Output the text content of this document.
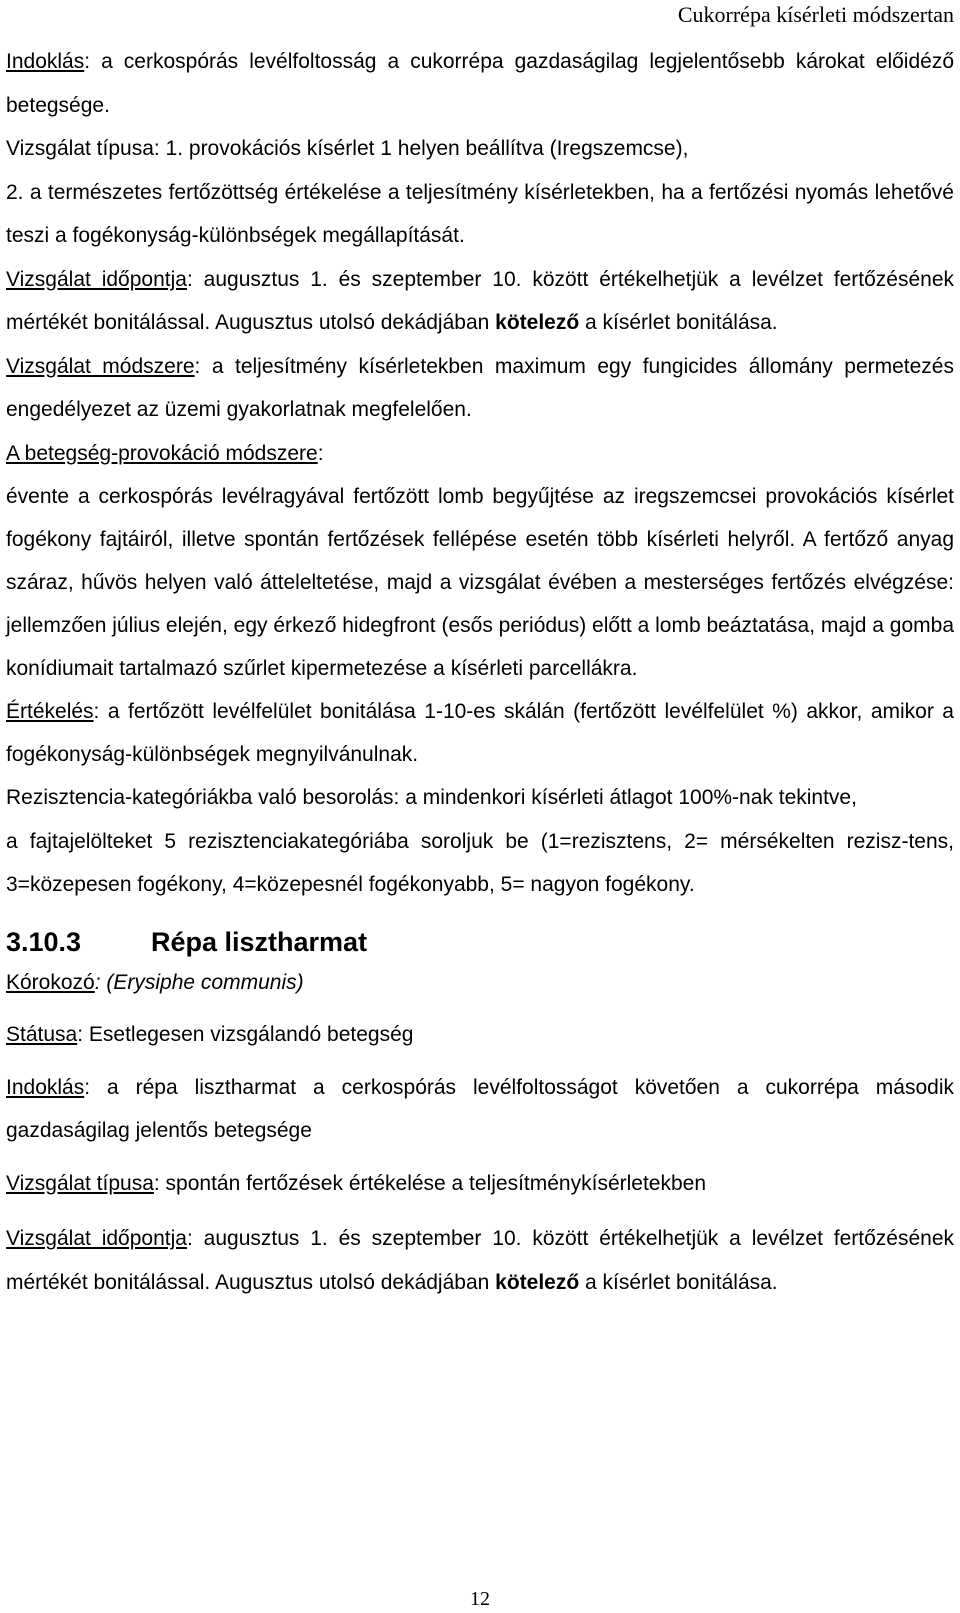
Cukorrépa kísérleti módszertan

Indoklás: a cerkospórás levélfoltosság a cukorrépa gazdaságilag legjelentősebb károkat előidéző betegsége.

Vizsgálat típusa: 1. provokációs kísérlet 1 helyen beállítva (Iregszemcse),

2. a természetes fertőzöttség értékelése a teljesítmény kísérletekben, ha a fertőzési nyomás lehetővé teszi a fogékonyság-különbségek megállapítását.

Vizsgálat időpontja: augusztus 1. és szeptember 10. között értékelhetjük a levélzet fertőzésének mértékét bonitálással. Augusztus utolsó dekádjában kötelező a kísérlet bonitálása.

Vizsgálat módszere: a teljesítmény kísérletekben maximum egy fungicides állomány permetezés engedélyezet az üzemi gyakorlatnak megfelelően.

A betegség-provokáció módszere:

évente a cerkospórás levélragyával fertőzött lomb begyűjtése az iregszemcsei provokációs kísérlet fogékony fajtáiról, illetve spontán fertőzések fellépése esetén több kísérleti helyről. A fertőző anyag száraz, hűvös helyen való átteleltetése, majd a vizsgálat évében a mesterséges fertőzés elvégzése: jellemzően július elején, egy érkező hidegfront (esős periódus) előtt a lomb beáztatása, majd a gomba konídiumait tartalmazó szűrlet kipermetezése a kísérleti parcellákra.

Értékelés: a fertőzött levélfelület bonitálása 1-10-es skálán (fertőzött levélfelület %) akkor, amikor a fogékonyság-különbségek megnyilvánulnak.

Rezisztencia-kategóriákba való besorolás: a mindenkori kísérleti átlagot 100%-nak tekintve,

a fajtajelölteket 5 rezisztenciakategóriába soroljuk be (1=rezisztens, 2= mérsékelten rezisz-tens, 3=közepesen fogékony, 4=közepesnél fogékonyabb, 5= nagyon fogékony.

3.10.3	Répa lisztharmat

Kórokozó: (Erysiphe communis)

Státusa: Esetlegesen vizsgálandó betegség

Indoklás: a répa lisztharmat a cerkospórás levélfoltosságot követően a cukorrépa második gazdaságilag jelentős betegsége

Vizsgálat típusa: spontán fertőzések értékelése a teljesítménykísérletekben

Vizsgálat időpontja: augusztus 1. és szeptember 10. között értékelhetjük a levélzet fertőzésének mértékét bonitálással. Augusztus utolsó dekádjában kötelező a kísérlet bonitálása.

12
